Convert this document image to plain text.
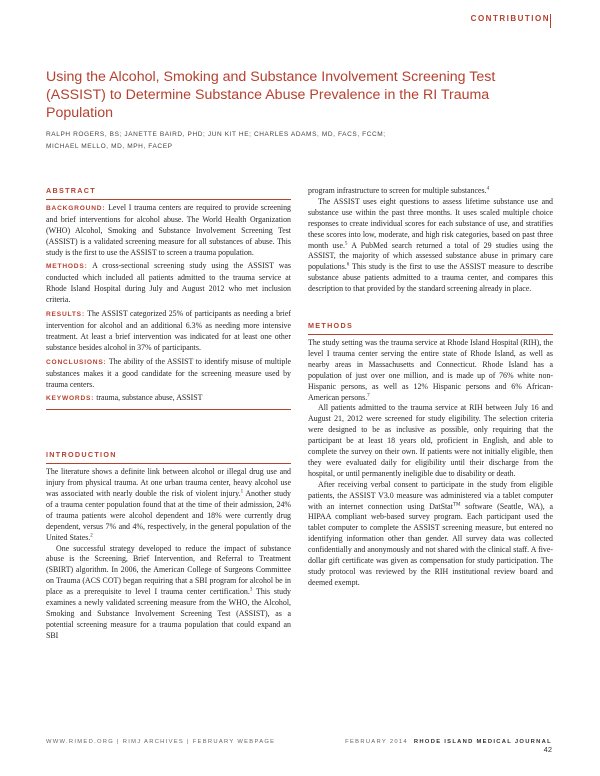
CONTRIBUTION
Using the Alcohol, Smoking and Substance Involvement Screening Test (ASSIST) to Determine Substance Abuse Prevalence in the RI Trauma Population
RALPH ROGERS, BS; JANETTE BAIRD, PHD; JUN KIT HE; CHARLES ADAMS, MD, FACS, FCCM;
MICHAEL MELLO, MD, MPH, FACEP
ABSTRACT

BACKGROUND: Level I trauma centers are required to provide screening and brief interventions for alcohol abuse. The World Health Organization (WHO) Alcohol, Smoking and Substance Involvement Screening Test (ASSIST) is a validated screening measure for all substances of abuse. This study is the first to use the ASSIST to screen a trauma population.

METHODS: A cross-sectional screening study using the ASSIST was conducted which included all patients admitted to the trauma service at Rhode Island Hospital during July and August 2012 who met inclusion criteria.

RESULTS: The ASSIST categorized 25% of participants as needing a brief intervention for alcohol and an additional 6.3% as needing more intensive treatment. At least a brief intervention was indicated for at least one other substance besides alcohol in 37% of participants.

CONCLUSIONS: The ability of the ASSIST to identify misuse of multiple substances makes it a good candidate for the screening measure used by trauma centers.

KEYWORDS: trauma, substance abuse, ASSIST

INTRODUCTION

The literature shows a definite link between alcohol or illegal drug use and injury from physical trauma. At one urban trauma center, heavy alcohol use was associated with nearly double the risk of violent injury.$^1$ Another study of a trauma center population found that at the time of their admission, 24% of trauma patients were alcohol dependent and 18% were currently drug dependent, versus 7% and 4%, respectively, in the general population of the United States.$^2$

One successful strategy developed to reduce the impact of substance abuse is the Screening, Brief Intervention, and Referral to Treatment (SBIRT) algorithm. In 2006, the American College of Surgeons Committee on Trauma (ACS COT) began requiring that a SBI program for alcohol be in place as a prerequisite to level I trauma center certification.$^3$ This study examines a newly validated screening measure from the WHO, the Alcohol, Smoking and Substance Involvement Screening Test (ASSIST), as a potential screening measure for a trauma population that could expand an SBI

program infrastructure to screen for multiple substances.$^4$

The ASSIST uses eight questions to assess lifetime substance use and substance use within the past three months. It uses scaled multiple choice responses to create individual scores for each substance of use, and stratifies these scores into low, moderate, and high risk categories, based on past three month use.$^5$ A PubMed search returned a total of 29 studies using the ASSIST, the majority of which assessed substance abuse in primary care populations.$^6$ This study is the first to use the ASSIST measure to describe substance abuse patients admitted to a trauma center, and compares this description to that provided by the standard screening already in place.

METHODS

The study setting was the trauma service at Rhode Island Hospital (RIH), the level I trauma center serving the entire state of Rhode Island, as well as nearby areas in Massachusetts and Connecticut. Rhode Island has a population of just over one million, and is made up of 76% white non-Hispanic persons, as well as 12% Hispanic persons and 6% African-American persons.$^7$

All patients admitted to the trauma service at RIH between July 16 and August 21, 2012 were screened for study eligibility. The selection criteria were designed to be as inclusive as possible, only requiring that the participant be at least 18 years old, proficient in English, and able to complete the survey on their own. If patients were not initially eligible, then they were evaluated daily for eligibility until their discharge from the hospital, or until permanently ineligible due to disability or death.

After receiving verbal consent to participate in the study from eligible patients, the ASSIST V3.0 measure was administered via a tablet computer with an internet connection using DatStat™ software (Seattle, WA), a HIPAA compliant web-based survey program. Each participant used the tablet computer to complete the ASSIST screening measure, but entered no identifying information other than gender. All survey data was collected confidentially and anonymously and not shared with the clinical staff. A five-dollar gift certificate was given as compensation for study participation. The study protocol was reviewed by the RIH institutional review board and deemed exempt.

WWW.RIMED.ORG | RIMJ ARCHIVES | FEBRUARY WEBPAGE	FEBRUARY 2014 RHODE ISLAND MEDICAL JOURNAL 42
